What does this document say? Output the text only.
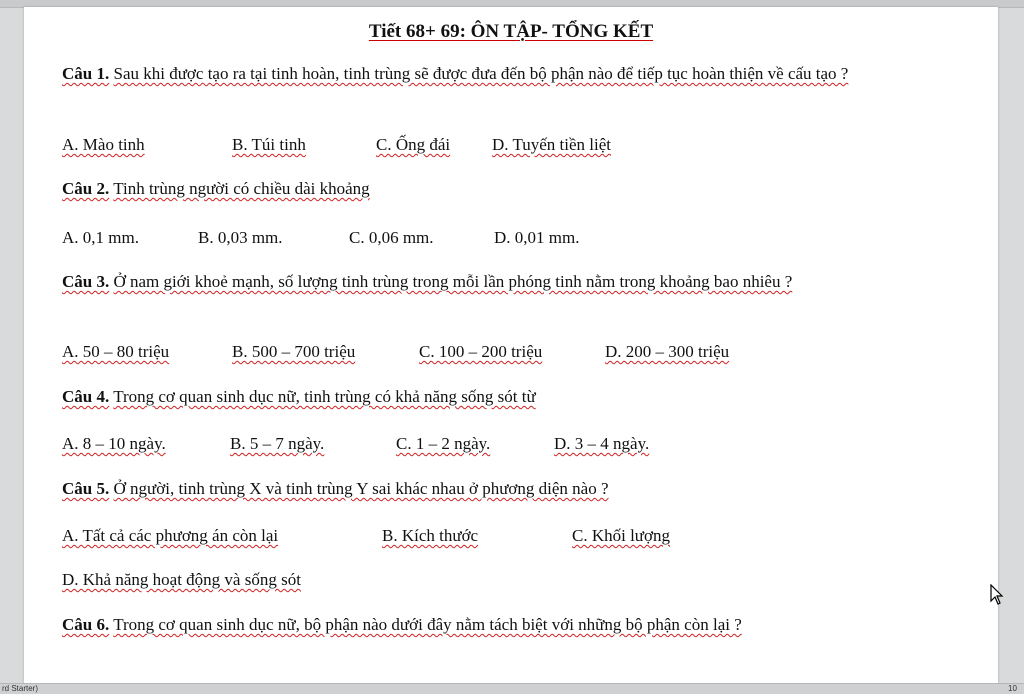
Tiết 68+ 69: ÔN TẬP- TỔNG KẾT
Câu 1. Sau khi được tạo ra tại tinh hoàn, tinh trùng sẽ được đưa đến bộ phận nào để tiếp tục hoàn thiện về cấu tạo ?
A. Mào tinh	B. Túi tinh	C. Ống đái D. Tuyến tiền liệt
Câu 2. Tinh trùng người có chiều dài khoảng
A. 0,1 mm.	B. 0,03 mm.	C. 0,06 mm.	D. 0,01 mm.
Câu 3. Ở nam giới khoẻ mạnh, số lượng tinh trùng trong mỗi lần phóng tinh nằm trong khoảng bao nhiêu ?
A. 50 – 80 triệu	B. 500 – 700 triệu	C. 100 – 200 triệu	D. 200 – 300 triệu
Câu 4. Trong cơ quan sinh dục nữ, tinh trùng có khả năng sống sót từ
A. 8 – 10 ngày.	B. 5 – 7 ngày.	C. 1 – 2 ngày.	D. 3 – 4 ngày.
Câu 5. Ở người, tinh trùng X và tinh trùng Y sai khác nhau ở phương diện nào ?
A. Tất cả các phương án còn lại	B. Kích thước	C. Khối lượng
D. Khả năng hoạt động và sống sót
Câu 6. Trong cơ quan sinh dục nữ, bộ phận nào dưới đây nằm tách biệt với những bộ phận còn lại ?
rd Starter)	10
